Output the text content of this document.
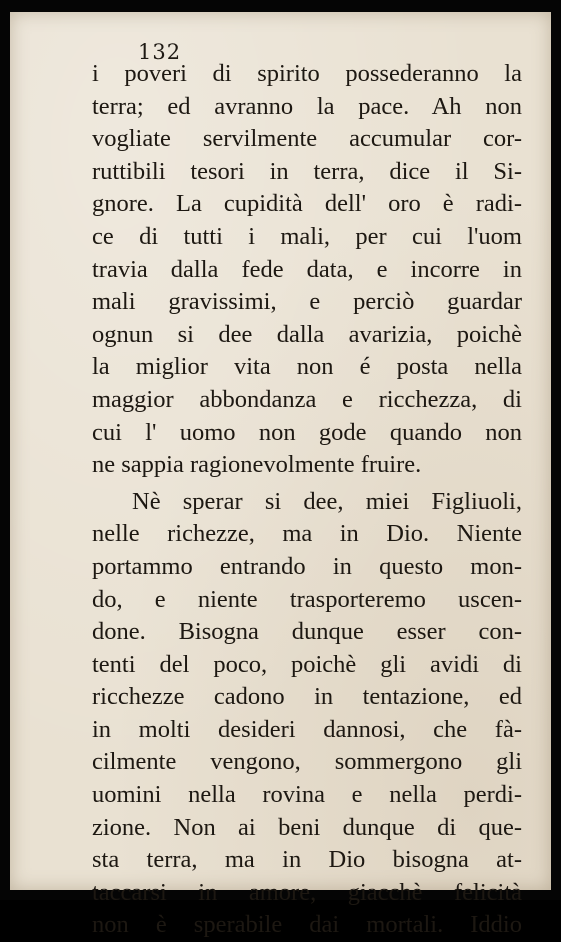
132
i poveri di spirito possederanno la
terra; ed avranno la pace. Ah non
vogliate servilmente accumular cor-
ruttibili tesori in terra, dice il Si-
gnore. La cupidità dell' oro è radi-
ce di tutti i mali, per cui l'uom
travia dalla fede data, e incorre in
mali gravissimi, e perciò guardar
ognun si dee dalla avarizia, poichè
la miglior vita non é posta nella
maggior abbondanza e ricchezza, di
cui l' uomo non gode quando non
ne sappia ragionevolmente fruire.
Nè sperar si dee, miei Figliuoli,
nelle richezze, ma in Dio. Niente
portammo entrando in questo mon-
do, e niente trasporteremo uscen-
done. Bisogna dunque esser con-
tenti del poco, poichè gli avidi di
ricchezze cadono in tentazione, ed
in molti desideri dannosi, che fà-
cilmente vengono, sommergono gli
uomini nella rovina e nella perdi-
zione. Non ai beni dunque di que-
sta terra, ma in Dio bisogna at-
taccarsi in amore, giacchè felicità
non è sperabile dai mortali. Iddio
